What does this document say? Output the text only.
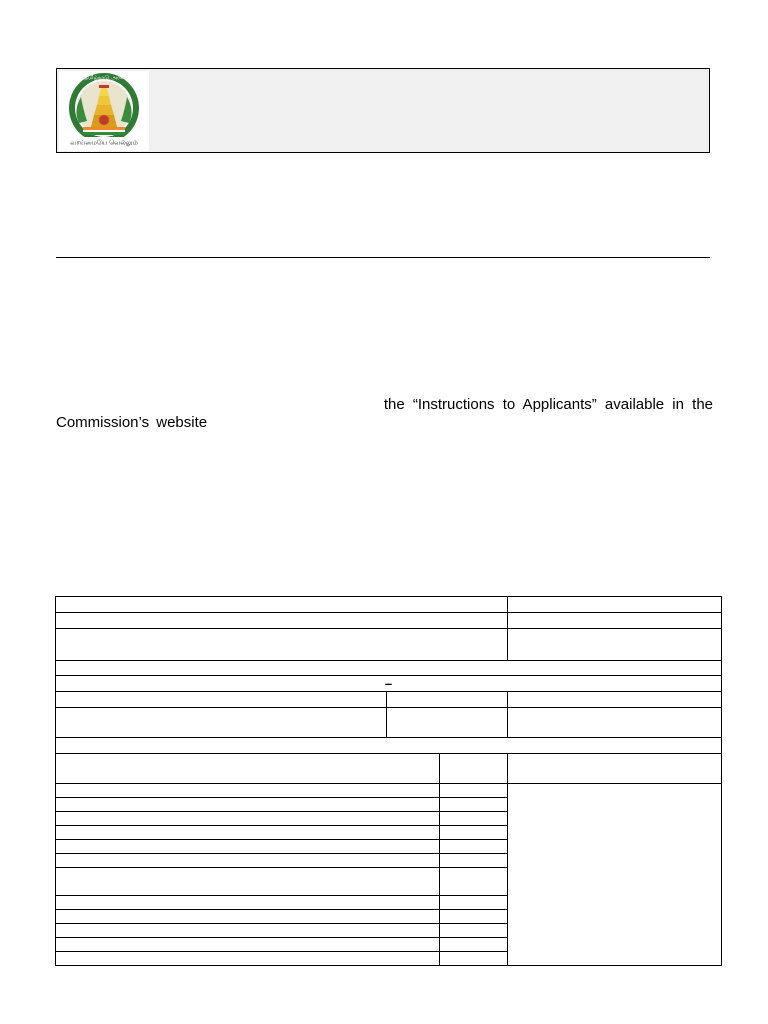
வாய்மையே வெல்லும்
தமிழ்நாடு அரசு
the “Instructions to Applicants” available in the
Commission’s website

–			
